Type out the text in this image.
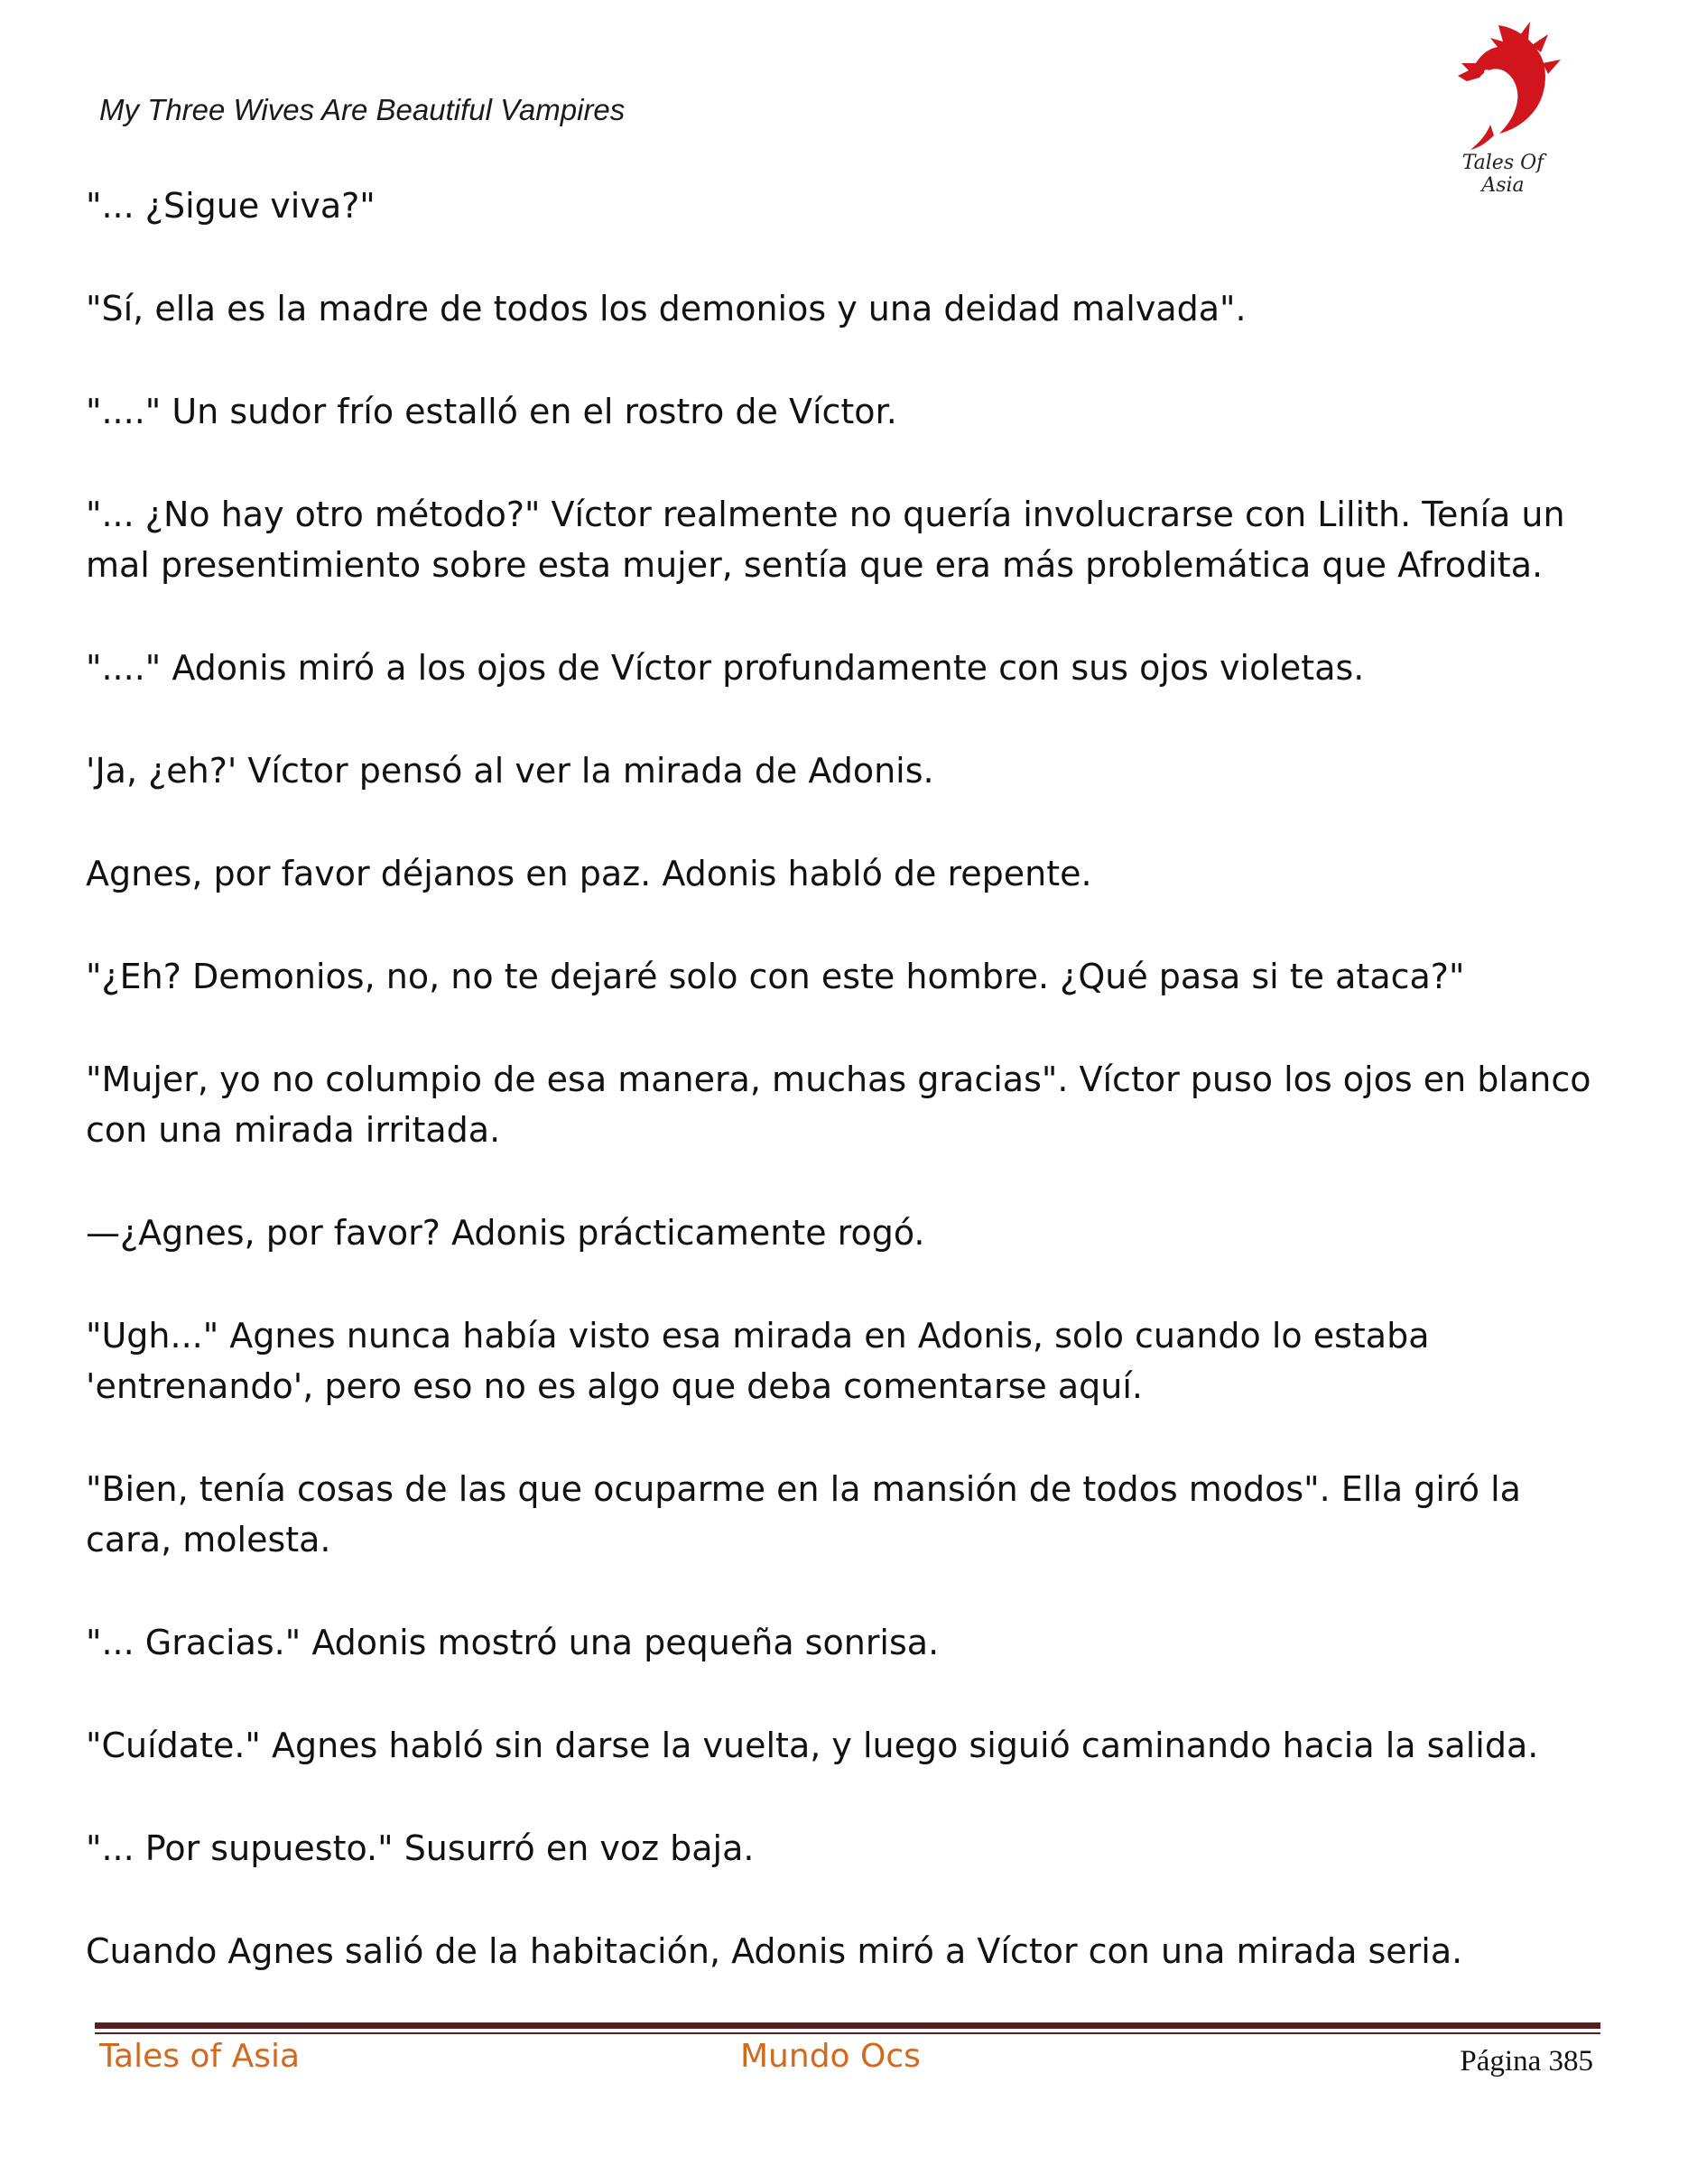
My Three Wives Are Beautiful Vampires
Tales Of Asia

"... ¿Sigue viva?"

"Sí, ella es la madre de todos los demonios y una deidad malvada".

"...." Un sudor frío estalló en el rostro de Víctor.

"... ¿No hay otro método?" Víctor realmente no quería involucrarse con Lilith. Tenía un mal presentimiento sobre esta mujer, sentía que era más problemática que Afrodita.

"...." Adonis miró a los ojos de Víctor profundamente con sus ojos violetas.

'Ja, ¿eh?' Víctor pensó al ver la mirada de Adonis.

Agnes, por favor déjanos en paz. Adonis habló de repente.

"¿Eh? Demonios, no, no te dejaré solo con este hombre. ¿Qué pasa si te ataca?"

"Mujer, yo no columpio de esa manera, muchas gracias". Víctor puso los ojos en blanco con una mirada irritada.

—¿Agnes, por favor? Adonis prácticamente rogó.

"Ugh..." Agnes nunca había visto esa mirada en Adonis, solo cuando lo estaba 'entrenando', pero eso no es algo que deba comentarse aquí.

"Bien, tenía cosas de las que ocuparme en la mansión de todos modos". Ella giró la cara, molesta.

"... Gracias." Adonis mostró una pequeña sonrisa.

"Cuídate." Agnes habló sin darse la vuelta, y luego siguió caminando hacia la salida.

"... Por supuesto." Susurró en voz baja.

Cuando Agnes salió de la habitación, Adonis miró a Víctor con una mirada seria.

Tales of Asia	Mundo Ocs	Página 385
